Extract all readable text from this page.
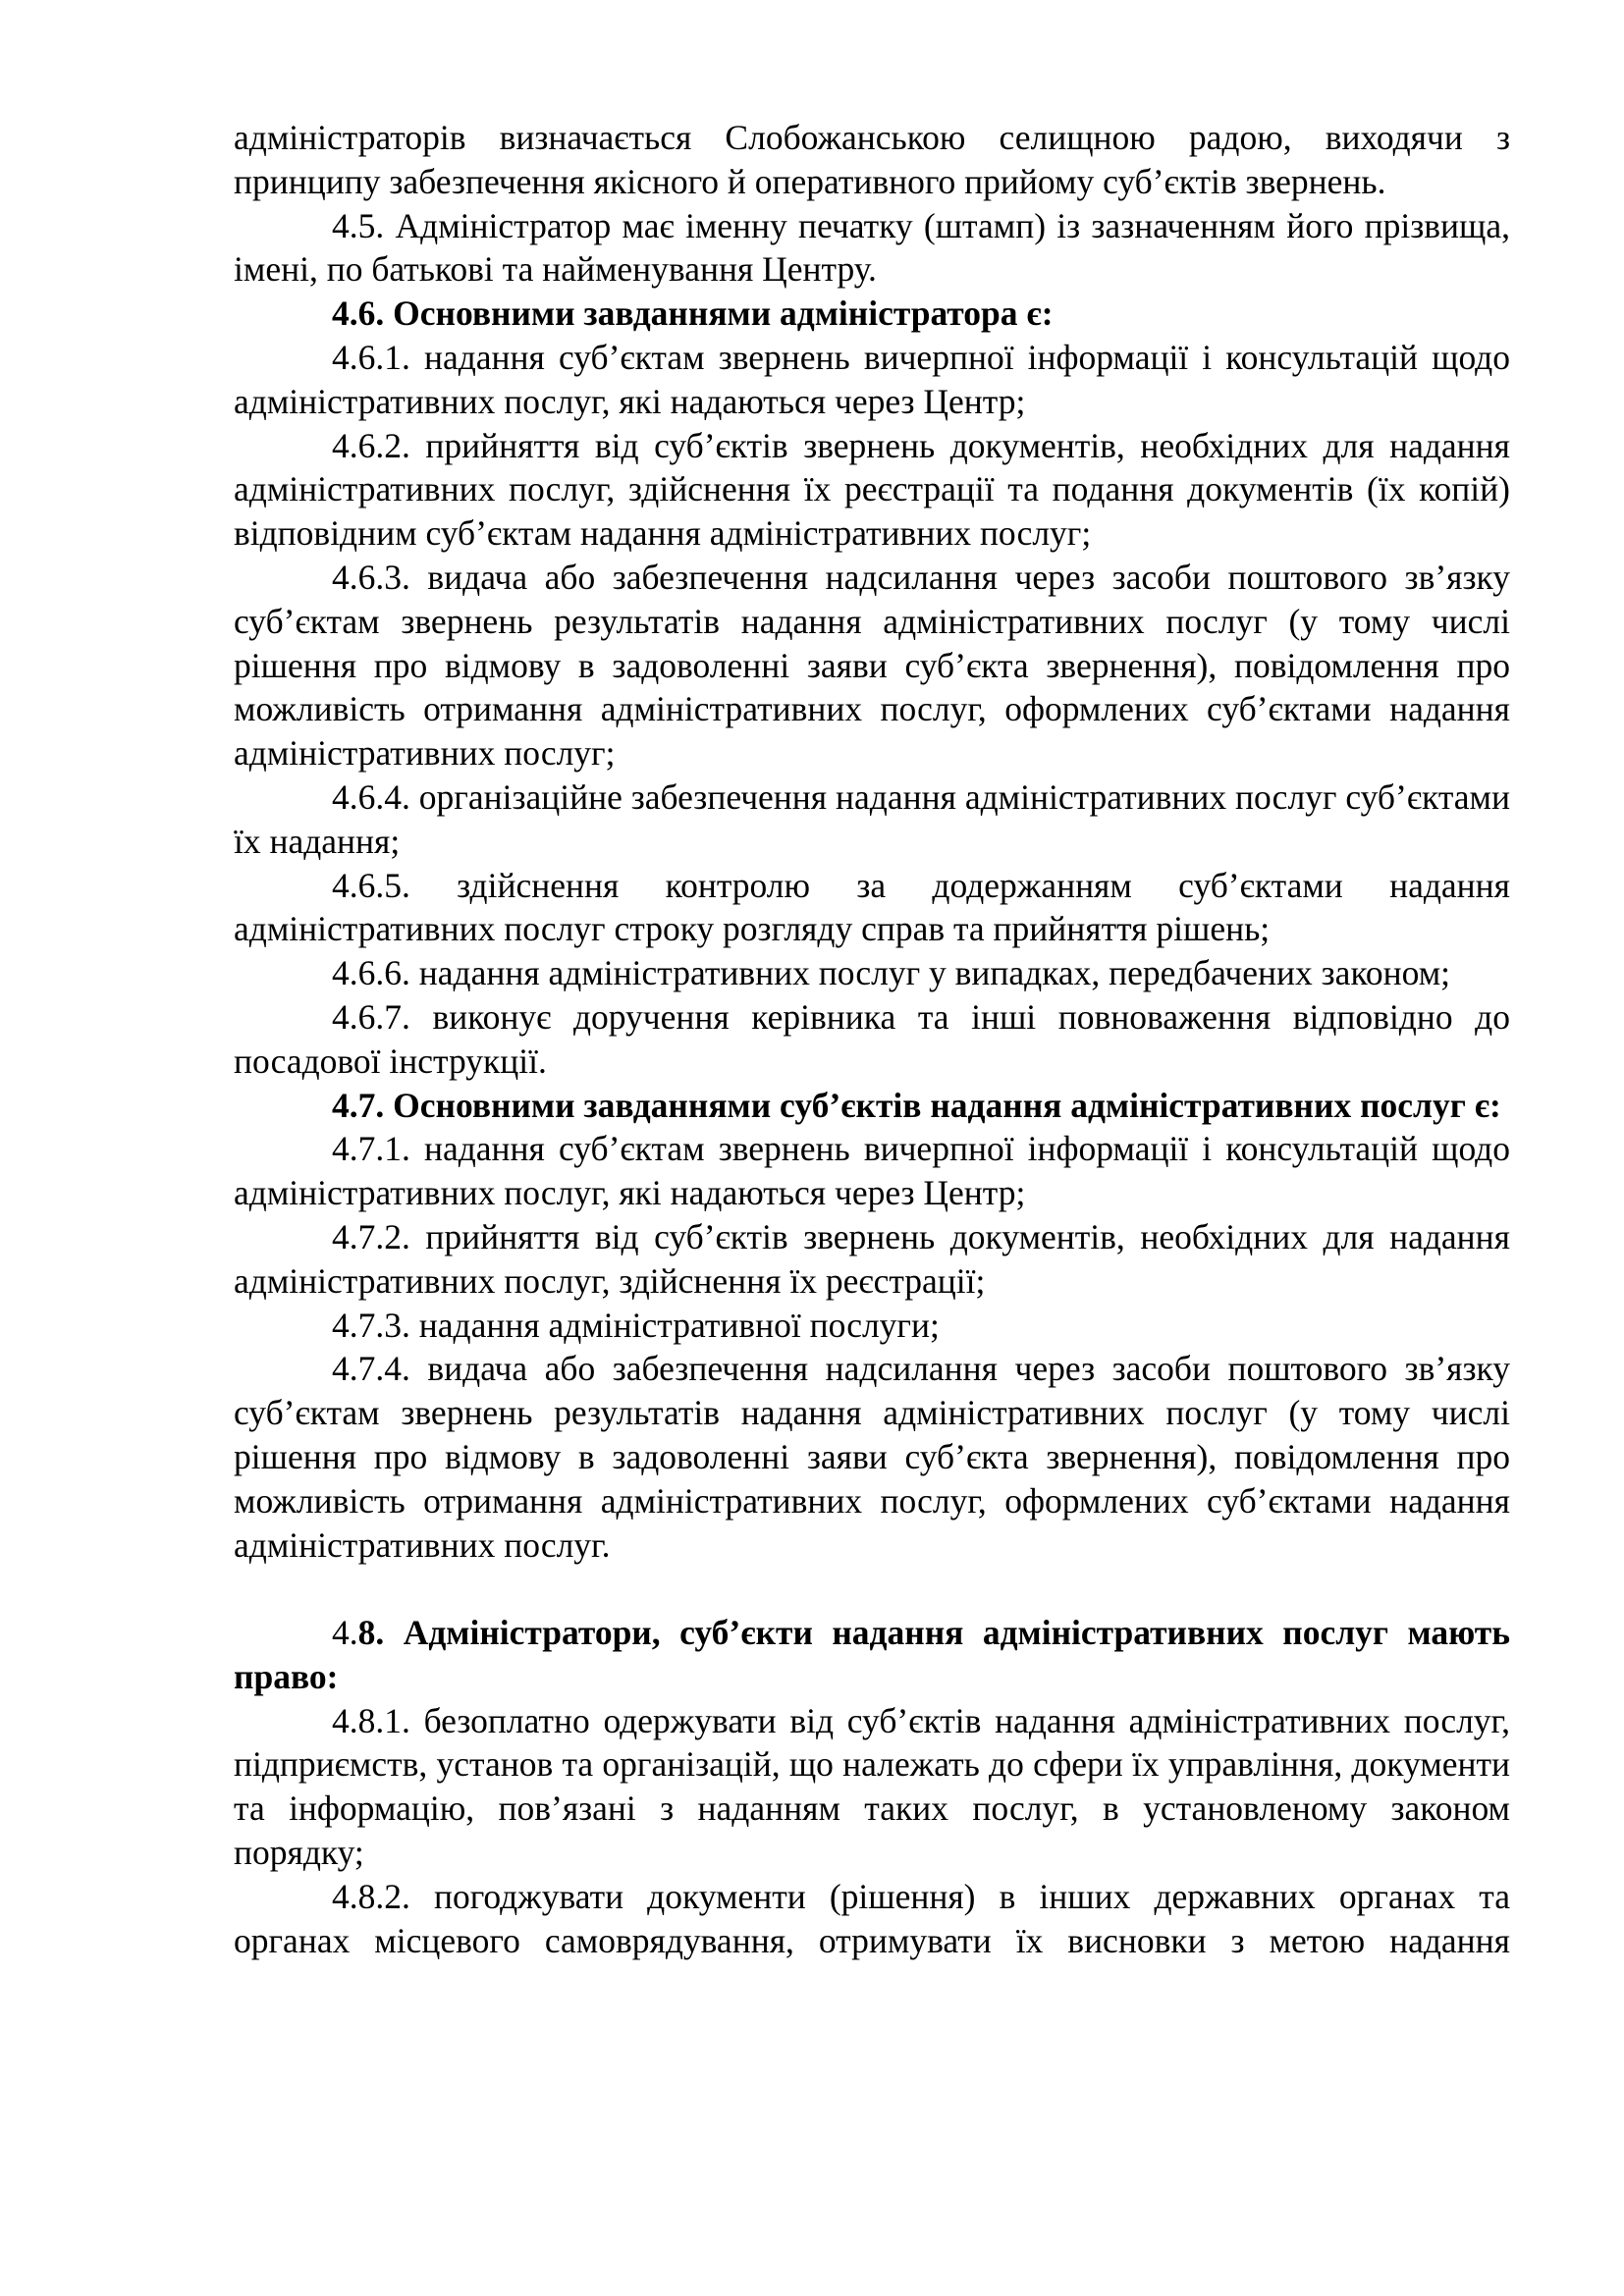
адміністраторів визначається Слобожанською селищною радою, виходячи з принципу забезпечення якісного й оперативного прийому суб’єктів звернень.

4.5. Адміністратор має іменну печатку (штамп) із зазначенням його прізвища, імені, по батькові та найменування Центру.

4.6. Основними завданнями адміністратора є:

4.6.1. надання суб’єктам звернень вичерпної інформації і консультацій щодо адміністративних послуг, які надаються через Центр;

4.6.2. прийняття від суб’єктів звернень документів, необхідних для надання адміністративних послуг, здійснення їх реєстрації та подання документів (їх копій) відповідним суб’єктам надання адміністративних послуг;

4.6.3. видача або забезпечення надсилання через засоби поштового зв’язку суб’єктам звернень результатів надання адміністративних послуг (у тому числі рішення про відмову в задоволенні заяви суб’єкта звернення), повідомлення про можливість отримання адміністративних послуг, оформлених суб’єктами надання адміністративних послуг;

4.6.4. організаційне забезпечення надання адміністративних послуг суб’єктами їх надання;

4.6.5. здійснення контролю за додержанням суб’єктами надання адміністративних послуг строку розгляду справ та прийняття рішень;

4.6.6. надання адміністративних послуг у випадках, передбачених законом;

4.6.7. виконує доручення керівника та інші повноваження відповідно до посадової інструкції.

4.7. Основними завданнями суб’єктів надання адміністративних послуг є:

4.7.1. надання суб’єктам звернень вичерпної інформації і консультацій щодо адміністративних послуг, які надаються через Центр;

4.7.2. прийняття від суб’єктів звернень документів, необхідних для надання адміністративних послуг, здійснення їх реєстрації;

4.7.3. надання адміністративної послуги;

4.7.4. видача або забезпечення надсилання через засоби поштового зв’язку суб’єктам звернень результатів надання адміністративних послуг (у тому числі рішення про відмову в задоволенні заяви суб’єкта звернення), повідомлення про можливість отримання адміністративних послуг, оформлених суб’єктами надання адміністративних послуг.

4.8. Адміністратори, суб’єкти надання адміністративних послуг мають право:

4.8.1. безоплатно одержувати від суб’єктів надання адміністративних послуг, підприємств, установ та організацій, що належать до сфери їх управління, документи та інформацію, пов’язані з наданням таких послуг, в установленому законом порядку;

4.8.2. погоджувати документи (рішення) в інших державних органах та органах місцевого самоврядування, отримувати їх висновки з метою надання
